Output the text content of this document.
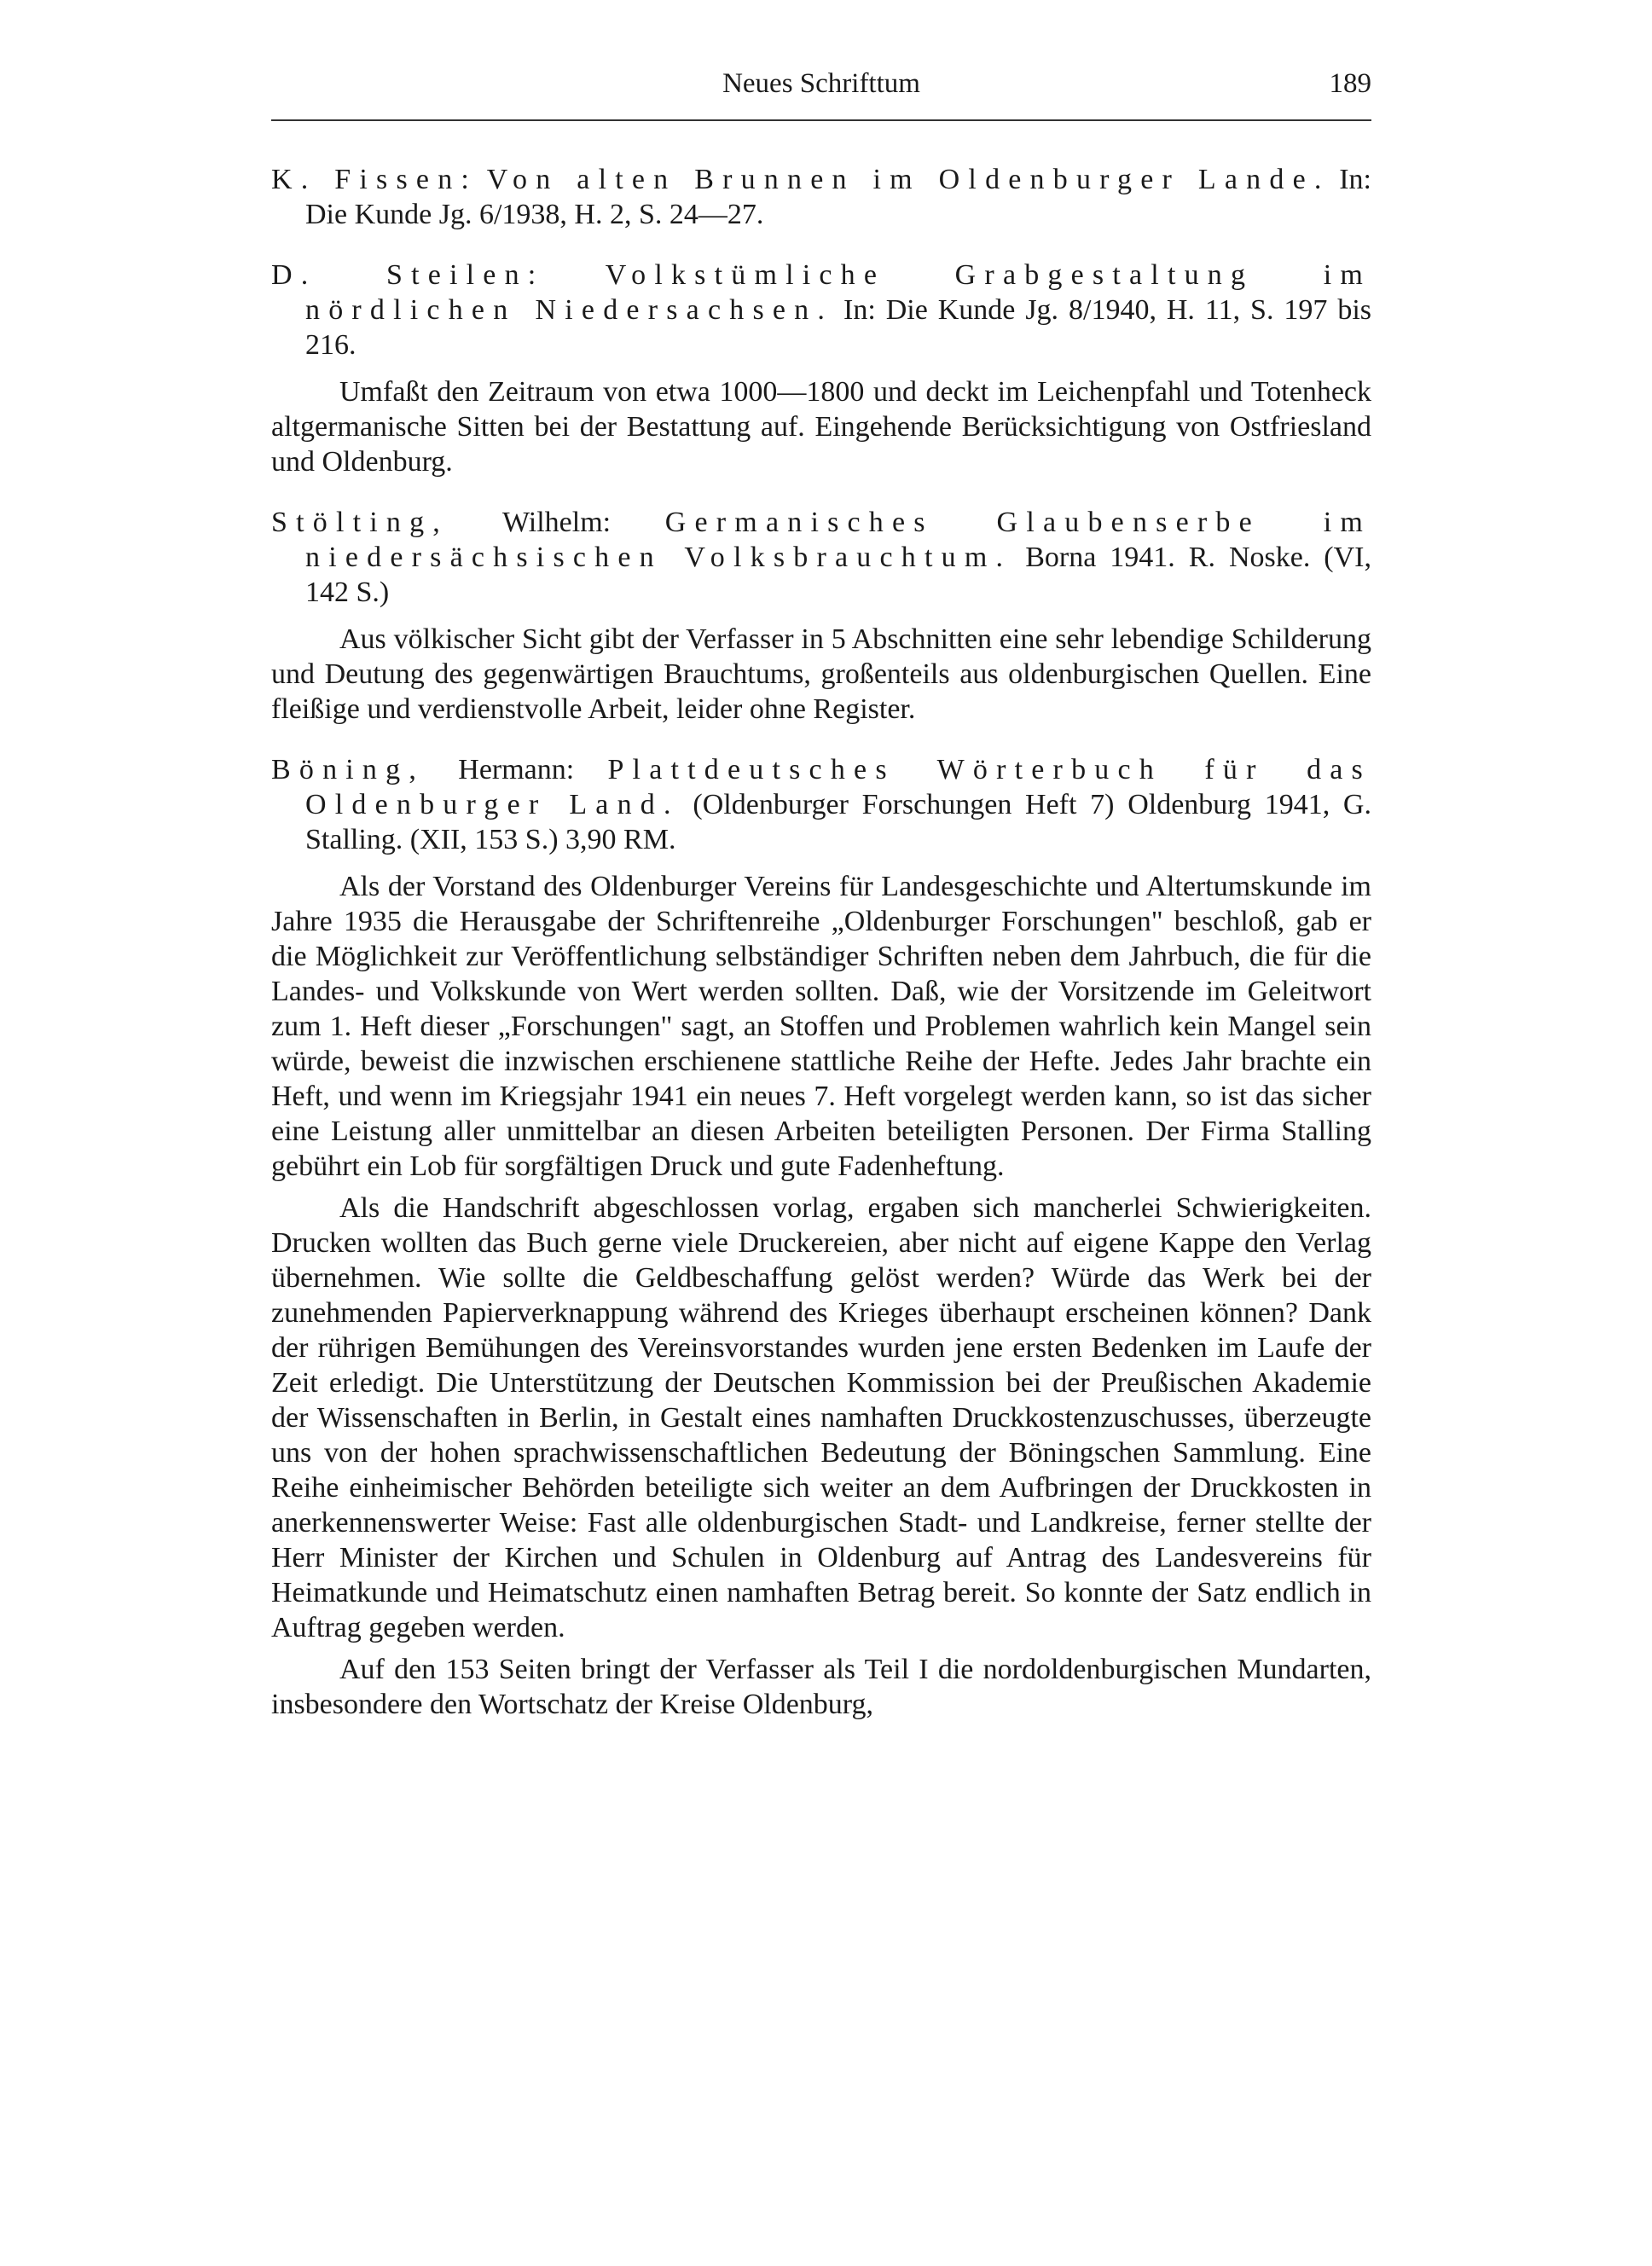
Neues Schrifttum	189
K. Fissen: Von alten Brunnen im Oldenburger Lande. In: Die Kunde Jg. 6/1938, H. 2, S. 24—27.
D. Steilen: Volkstümliche Grabgestaltung im nördlichen Niedersachsen. In: Die Kunde Jg. 8/1940, H. 11, S. 197 bis 216.

Umfaßt den Zeitraum von etwa 1000—1800 und deckt im Leichenpfahl und Totenheck altgermanische Sitten bei der Bestattung auf. Eingehende Berücksichtigung von Ostfriesland und Oldenburg.

Stölting, Wilhelm: Germanisches Glaubenserbe im niedersächsischen Volksbrauchtum. Borna 1941. R. Noske. (VI, 142 S.)

Aus völkischer Sicht gibt der Verfasser in 5 Abschnitten eine sehr lebendige Schilderung und Deutung des gegenwärtigen Brauchtums, großenteils aus oldenburgischen Quellen. Eine fleißige und verdienstvolle Arbeit, leider ohne Register.

Böning, Hermann: Plattdeutsches Wörterbuch für das Oldenburger Land. (Oldenburger Forschungen Heft 7) Oldenburg 1941, G. Stalling. (XII, 153 S.) 3,90 RM.

Als der Vorstand des Oldenburger Vereins für Landesgeschichte und Altertumskunde im Jahre 1935 die Herausgabe der Schriftenreihe „Oldenburger Forschungen" beschloß, gab er die Möglichkeit zur Veröffentlichung selbständiger Schriften neben dem Jahrbuch, die für die Landes- und Volkskunde von Wert werden sollten. Daß, wie der Vorsitzende im Geleitwort zum 1. Heft dieser „Forschungen" sagt, an Stoffen und Problemen wahrlich kein Mangel sein würde, beweist die inzwischen erschienene stattliche Reihe der Hefte. Jedes Jahr brachte ein Heft, und wenn im Kriegsjahr 1941 ein neues 7. Heft vorgelegt werden kann, so ist das sicher eine Leistung aller unmittelbar an diesen Arbeiten beteiligten Personen. Der Firma Stalling gebührt ein Lob für sorgfältigen Druck und gute Fadenheftung.

Als die Handschrift abgeschlossen vorlag, ergaben sich mancherlei Schwierigkeiten. Drucken wollten das Buch gerne viele Druckereien, aber nicht auf eigene Kappe den Verlag übernehmen. Wie sollte die Geldbeschaffung gelöst werden? Würde das Werk bei der zunehmenden Papierverknappung während des Krieges überhaupt erscheinen können? Dank der rührigen Bemühungen des Vereinsvorstandes wurden jene ersten Bedenken im Laufe der Zeit erledigt. Die Unterstützung der Deutschen Kommission bei der Preußischen Akademie der Wissenschaften in Berlin, in Gestalt eines namhaften Druckkostenzuschusses, überzeugte uns von der hohen sprachwissenschaftlichen Bedeutung der Böningschen Sammlung. Eine Reihe einheimischer Behörden beteiligte sich weiter an dem Aufbringen der Druckkosten in anerkennenswerter Weise: Fast alle oldenburgischen Stadt- und Landkreise, ferner stellte der Herr Minister der Kirchen und Schulen in Oldenburg auf Antrag des Landesvereins für Heimatkunde und Heimatschutz einen namhaften Betrag bereit. So konnte der Satz endlich in Auftrag gegeben werden.

Auf den 153 Seiten bringt der Verfasser als Teil I die nordoldenburgischen Mundarten, insbesondere den Wortschatz der Kreise Oldenburg,
